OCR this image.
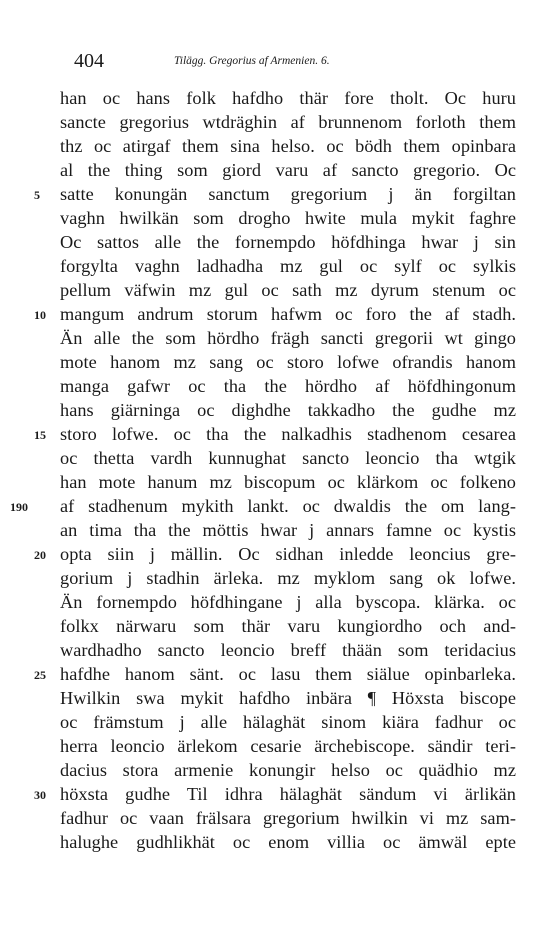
404	Tilägg. Gregorius af Armenien. 6.
han oc hans folk hafdho thär fore tholt. Oc huru
sancte gregorius wtdräghin af brunnenom forloth them
thz oc atirgaf them sina helso. oc bödh them opinbara
al the thing som giord varu af sancto gregorio. Oc
5	satte konungän sanctum gregorium j än forgiltan
vaghn hwilkän som drogho hwite mula mykit faghre
Oc sattos alle the fornempdo höfdhinga hwar j sin
forgylta vaghn ladhadha mz gul oc sylf oc sylkis
pellum väfwin mz gul oc sath mz dyrum stenum oc
10 mangum andrum storum hafwm oc foro the af stadh.
Än alle the som hördho frägh sancti gregorii wt gingo
mote hanom mz sang oc storo lofwe ofrandis hanom
manga gafwr oc tha the hördho af höfdhingonum
hans giärninga oc dighdhe takkadho the gudhe mz
15 storo lofwe. oc tha the nalkadhis stadhenom cesarea
oc thetta vardh kunnughat sancto leoncio tha wtgik
han mote hanum mz biscopum oc klärkom oc folkeno
190 af stadhenum mykith lankt. oc dwaldis the om lang-
an tima tha the möttis hwar j annars famne oc kystis
20 opta siin j mällin. Oc sidhan inledde leoncius gre-
gorium j stadhin ärleka. mz myklom sang ok lofwe.
Än fornempdo höfdhingane j alla byscopa. klärka. oc
folkx närwaru som thär varu kungiordho och and-
wardhadho sancto leoncio breff thään som teridacius
25 hafdhe hanom sänt. oc lasu them siälue opinbarleka.
Hwilkin swa mykit hafdho inbära ¶ Höxsta biscope
oc främstum j alle hälaghät sinom kiära fadhur oc
herra leoncio ärlekom cesarie ärchebiscope. sändir teri-
dacius stora armenie konungir helso oc quädhio mz
30 höxsta gudhe Til idhra hälaghät sändum vi ärlikän
fadhur oc vaan frälsara gregorium hwilkin vi mz sam-
halughe gudhlikhät oc enom villia oc ämwäl epte
